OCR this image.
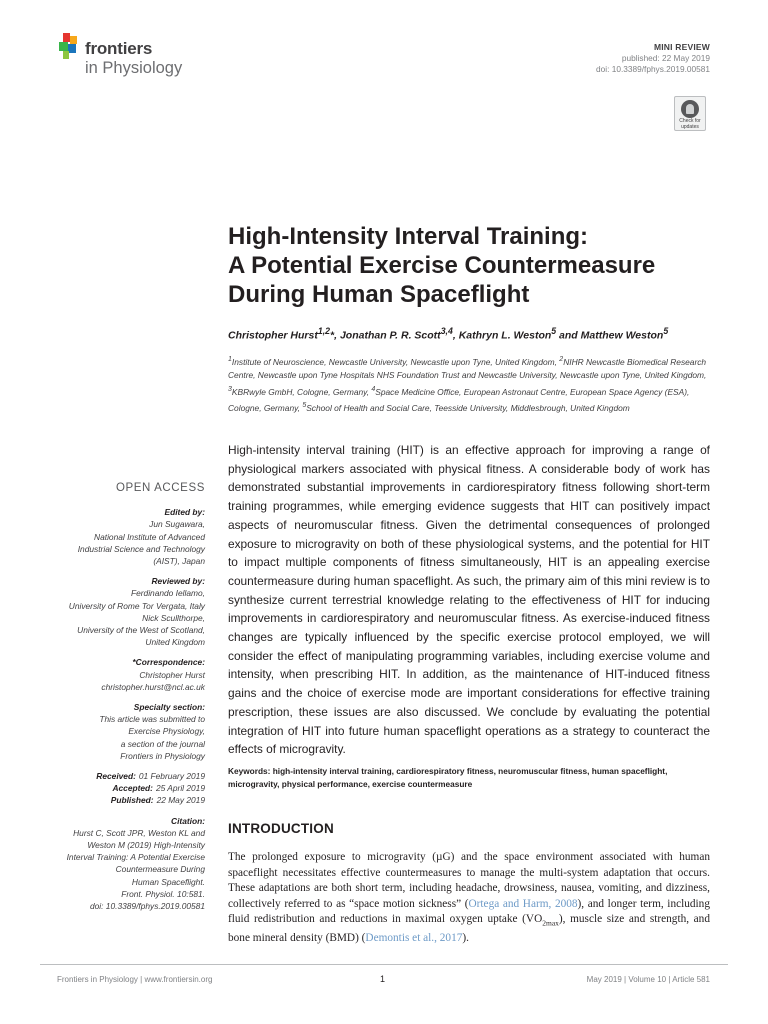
frontiers
in Physiology
MINI REVIEW
published: 22 May 2019
doi: 10.3389/fphys.2019.00581
Check for updates
High-Intensity Interval Training:
A Potential Exercise Countermeasure
During Human Spaceflight
Christopher Hurst$^{1,2}$*, Jonathan P. R. Scott$^{3,4}$, Kathryn L. Weston$^5$ and Matthew Weston$^5$
$^1$Institute of Neuroscience, Newcastle University, Newcastle upon Tyne, United Kingdom, $^2$NIHR Newcastle Biomedical Research Centre, Newcastle upon Tyne Hospitals NHS Foundation Trust and Newcastle University, Newcastle upon Tyne, United Kingdom, $^3$KBRwyle GmbH, Cologne, Germany, $^4$Space Medicine Office, European Astronaut Centre, European Space Agency (ESA), Cologne, Germany, $^5$School of Health and Social Care, Teesside University, Middlesbrough, United Kingdom
High-intensity interval training (HIT) is an effective approach for improving a range of physiological markers associated with physical fitness. A considerable body of work has demonstrated substantial improvements in cardiorespiratory fitness following short-term training programmes, while emerging evidence suggests that HIT can positively impact aspects of neuromuscular fitness. Given the detrimental consequences of prolonged exposure to microgravity on both of these physiological systems, and the potential for HIT to impact multiple components of fitness simultaneously, HIT is an appealing exercise countermeasure during human spaceflight. As such, the primary aim of this mini review is to synthesize current terrestrial knowledge relating to the effectiveness of HIT for inducing improvements in cardiorespiratory and neuromuscular fitness. As exercise-induced fitness changes are typically influenced by the specific exercise protocol employed, we will consider the effect of manipulating programming variables, including exercise volume and intensity, when prescribing HIT. In addition, as the maintenance of HIT-induced fitness gains and the choice of exercise mode are important considerations for effective training prescription, these issues are also discussed. We conclude by evaluating the potential integration of HIT into future human spaceflight operations as a strategy to counteract the effects of microgravity.
Keywords: high-intensity interval training, cardiorespiratory fitness, neuromuscular fitness, human spaceflight, microgravity, physical performance, exercise countermeasure
INTRODUCTION
The prolonged exposure to microgravity (µG) and the space environment associated with human spaceflight necessitates effective countermeasures to manage the multi-system adaptation that occurs. These adaptations are both short term, including headache, drowsiness, nausea, vomiting, and dizziness, collectively referred to as “space motion sickness” (Ortega and Harm, 2008), and longer term, including fluid redistribution and reductions in maximal oxygen uptake $(VO_{2max})$, muscle size and strength, and bone mineral density (BMD) (Demontis et al., 2017).
OPEN ACCESS
Edited by:
Jun Sugawara,
National Institute of Advanced
Industrial Science and Technology
(AIST), Japan
Reviewed by:
Ferdinando Iellamo,
University of Rome Tor Vergata, Italy
Nick Scullthorpe,
University of the West of Scotland,
United Kingdom
*Correspondence:
Christopher Hurst
christopher.hurst@ncl.ac.uk
Specialty section:
This article was submitted to
Exercise Physiology,
a section of the journal
Frontiers in Physiology
Received: 01 February 2019
Accepted: 25 April 2019
Published: 22 May 2019
Citation:
Hurst C, Scott JPR, Weston KL and
Weston M (2019) High-Intensity
Interval Training: A Potential Exercise
Countermeasure During
Human Spaceflight.
Front. Physiol. 10:581.
doi: 10.3389/fphys.2019.00581
Frontiers in Physiology | www.frontiersin.org	1	May 2019 | Volume 10 | Article 581
